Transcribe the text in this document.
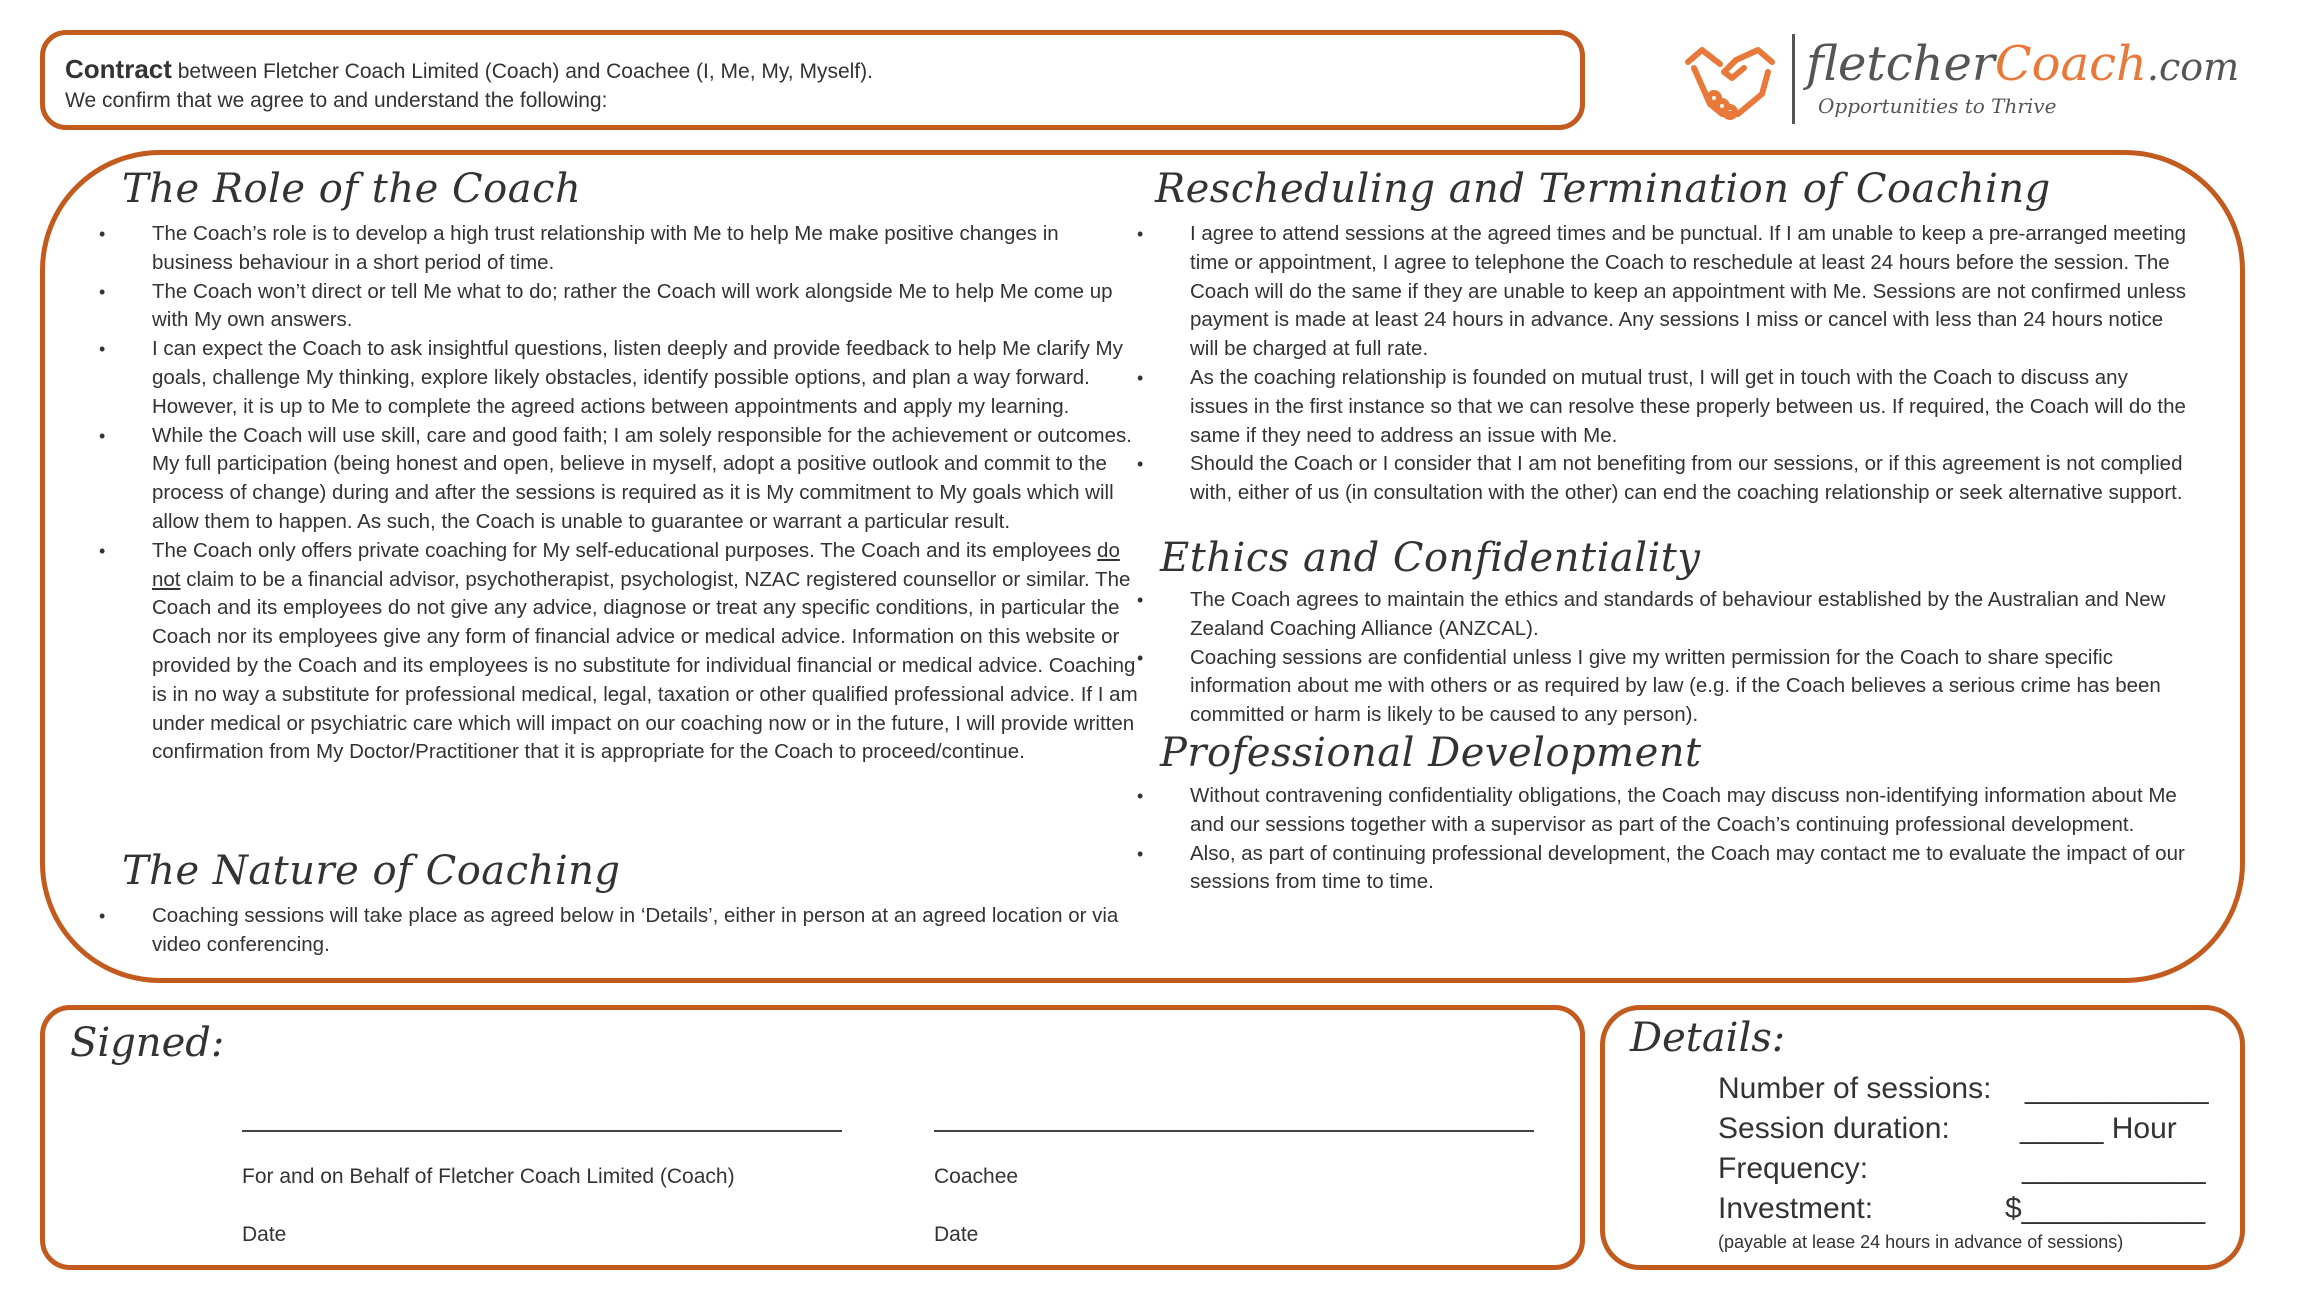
Contract between Fletcher Coach Limited (Coach) and Coachee (I, Me, My, Myself).
We confirm that we agree to and understand the following:
fletcherCoach.com
Opportunities to Thrive
The Role of the Coach
• The Coach’s role is to develop a high trust relationship with Me to help Me make positive changes in business behaviour in a short period of time.
• The Coach won’t direct or tell Me what to do; rather the Coach will work alongside Me to help Me come up with My own answers.
• I can expect the Coach to ask insightful questions, listen deeply and provide feedback to help Me clarify My goals, challenge My thinking, explore likely obstacles, identify possible options, and plan a way forward. However, it is up to Me to complete the agreed actions between appointments and apply my learning.
• While the Coach will use skill, care and good faith; I am solely responsible for the achievement or outcomes. My full participation (being honest and open, believe in myself, adopt a positive outlook and commit to the process of change) during and after the sessions is required as it is My commitment to My goals which will allow them to happen. As such, the Coach is unable to guarantee or warrant a particular result.
• The Coach only offers private coaching for My self-educational purposes. The Coach and its employees do not claim to be a financial advisor, psychotherapist, psychologist, NZAC registered counsellor or similar. The Coach and its employees do not give any advice, diagnose or treat any specific conditions, in particular the Coach nor its employees give any form of financial advice or medical advice. Information on this website or provided by the Coach and its employees is no substitute for individual financial or medical advice. Coaching is in no way a substitute for professional medical, legal, taxation or other qualified professional advice. If I am under medical or psychiatric care which will impact on our coaching now or in the future, I will provide written confirmation from My Doctor/Practitioner that it is appropriate for the Coach to proceed/continue.
The Nature of Coaching
• Coaching sessions will take place as agreed below in ‘Details’, either in person at an agreed location or via video conferencing.
Rescheduling and Termination of Coaching
• I agree to attend sessions at the agreed times and be punctual. If I am unable to keep a pre-arranged meeting time or appointment, I agree to telephone the Coach to reschedule at least 24 hours before the session. The Coach will do the same if they are unable to keep an appointment with Me. Sessions are not confirmed unless payment is made at least 24 hours in advance. Any sessions I miss or cancel with less than 24 hours notice will be charged at full rate.
• As the coaching relationship is founded on mutual trust, I will get in touch with the Coach to discuss any issues in the first instance so that we can resolve these properly between us. If required, the Coach will do the same if they need to address an issue with Me.
• Should the Coach or I consider that I am not benefiting from our sessions, or if this agreement is not complied with, either of us (in consultation with the other) can end the coaching relationship or seek alternative support.
Ethics and Confidentiality
• The Coach agrees to maintain the ethics and standards of behaviour established by the Australian and New Zealand Coaching Alliance (ANZCAL).
• Coaching sessions are confidential unless I give my written permission for the Coach to share specific information about me with others or as required by law (e.g. if the Coach believes a serious crime has been committed or harm is likely to be caused to any person).
Professional Development
• Without contravening confidentiality obligations, the Coach may discuss non-identifying information about Me and our sessions together with a supervisor as part of the Coach’s continuing professional development.
• Also, as part of continuing professional development, the Coach may contact me to evaluate the impact of our sessions from time to time.
Signed:
For and on Behalf of Fletcher Coach Limited (Coach)	Coachee
Date	Date
Details:
Number of sessions: ___________
Session duration: _____ Hour
Frequency:	___________
Investment:	$___________
(payable at lease 24 hours in advance of sessions)
